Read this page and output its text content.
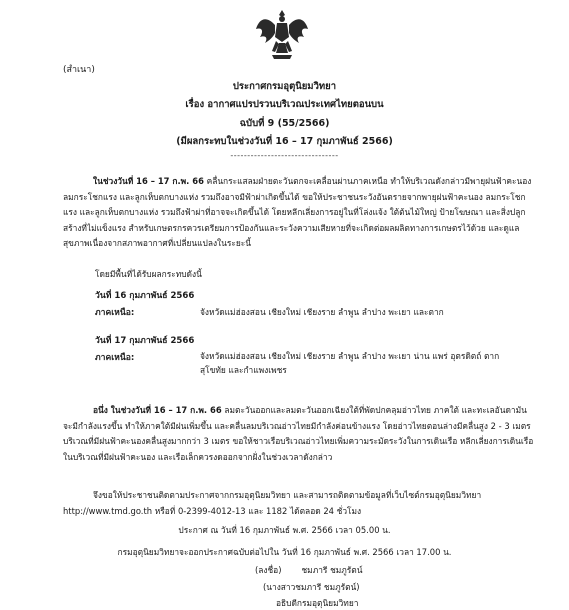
(สำเนา)
ประกาศกรมอุตุนิยมวิทยา
เรื่อง อากาศแปรปรวนบริเวณประเทศไทยตอนบน
ฉบับที่ 9 (55/2566)
(มีผลกระทบในช่วงวันที่ 16 – 17 กุมภาพันธ์ 2566)
--------------------------------
ในช่วงวันที่ 16 – 17 ก.พ. 66 คลื่นกระแสลมฝ่ายตะวันตกจะเคลื่อนผ่านภาคเหนือ ทำให้บริเวณดังกล่าวมีพายุฝนฟ้าคะนอง ลมกระโชกแรง และลูกเห็บตกบางแห่ง รวมถึงอาจมีฟ้าผ่าเกิดขึ้นได้ ขอให้ประชาชนระวังอันตรายจากพายุฝนฟ้าคะนอง ลมกระโชกแรง และลูกเห็บตกบางแห่ง รวมถึงฟ้าผ่าที่อาจจะเกิดขึ้นได้ โดยหลีกเลี่ยงการอยู่ในที่โล่งแจ้ง ใต้ต้นไม้ใหญ่ ป้ายโฆษณา และสิ่งปลูกสร้างที่ไม่แข็งแรง สำหรับเกษตรกรควรเตรียมการป้องกันและระวังความเสียหายที่จะเกิดต่อผลผลิตทางการเกษตรไว้ด้วย และดูแลสุขภาพเนื่องจากสภาพอากาศที่เปลี่ยนแปลงในระยะนี้
โดยมีพื้นที่ได้รับผลกระทบดังนี้
วันที่ 16 กุมภาพันธ์ 2566
ภาคเหนือ:	จังหวัดแม่ฮ่องสอน เชียงใหม่ เชียงราย ลำพูน ลำปาง พะเยา และตาก
วันที่ 17 กุมภาพันธ์ 2566
ภาคเหนือ:	จังหวัดแม่ฮ่องสอน เชียงใหม่ เชียงราย ลำพูน ลำปาง พะเยา น่าน แพร่ อุตรดิตถ์ ตาก สุโขทัย และกำแพงเพชร
อนึ่ง ในช่วงวันที่ 16 – 17 ก.พ. 66 ลมตะวันออกและลมตะวันออกเฉียงใต้ที่พัดปกคลุมอ่าวไทย ภาคใต้ และทะเลอันดามันจะมีกำลังแรงขึ้น ทำให้ภาคใต้มีฝนเพิ่มขึ้น และคลื่นลมบริเวณอ่าวไทยมีกำลังค่อนข้างแรง โดยอ่าวไทยตอนล่างมีคลื่นสูง 2 - 3 เมตร บริเวณที่มีฝนฟ้าคะนองคลื่นสูงมากกว่า 3 เมตร ขอให้ชาวเรือบริเวณอ่าวไทยเพิ่มความระมัดระวังในการเดินเรือ หลีกเลี่ยงการเดินเรือในบริเวณที่มีฝนฟ้าคะนอง และเรือเล็กควรงดออกจากฝั่งในช่วงเวลาดังกล่าว
จึงขอให้ประชาชนติดตามประกาศจากกรมอุตุนิยมวิทยา และสามารถติดตามข้อมูลที่เว็บไซต์กรมอุตุนิยมวิทยา http://www.tmd.go.th หรือที่ 0-2399-4012-13 และ 1182 ได้ตลอด 24 ชั่วโมง
ประกาศ ณ วันที่ 16 กุมภาพันธ์ พ.ศ. 2566 เวลา 05.00 น.
กรมอุตุนิยมวิทยาจะออกประกาศฉบับต่อไปใน วันที่ 16 กุมภาพันธ์ พ.ศ. 2566 เวลา 17.00 น.
(ลงชื่อ) ชมภารี ชมภูรัตน์
(นางสาวชมภารี ชมภูรัตน์)
อธิบดีกรมอุตุนิยมวิทยา
